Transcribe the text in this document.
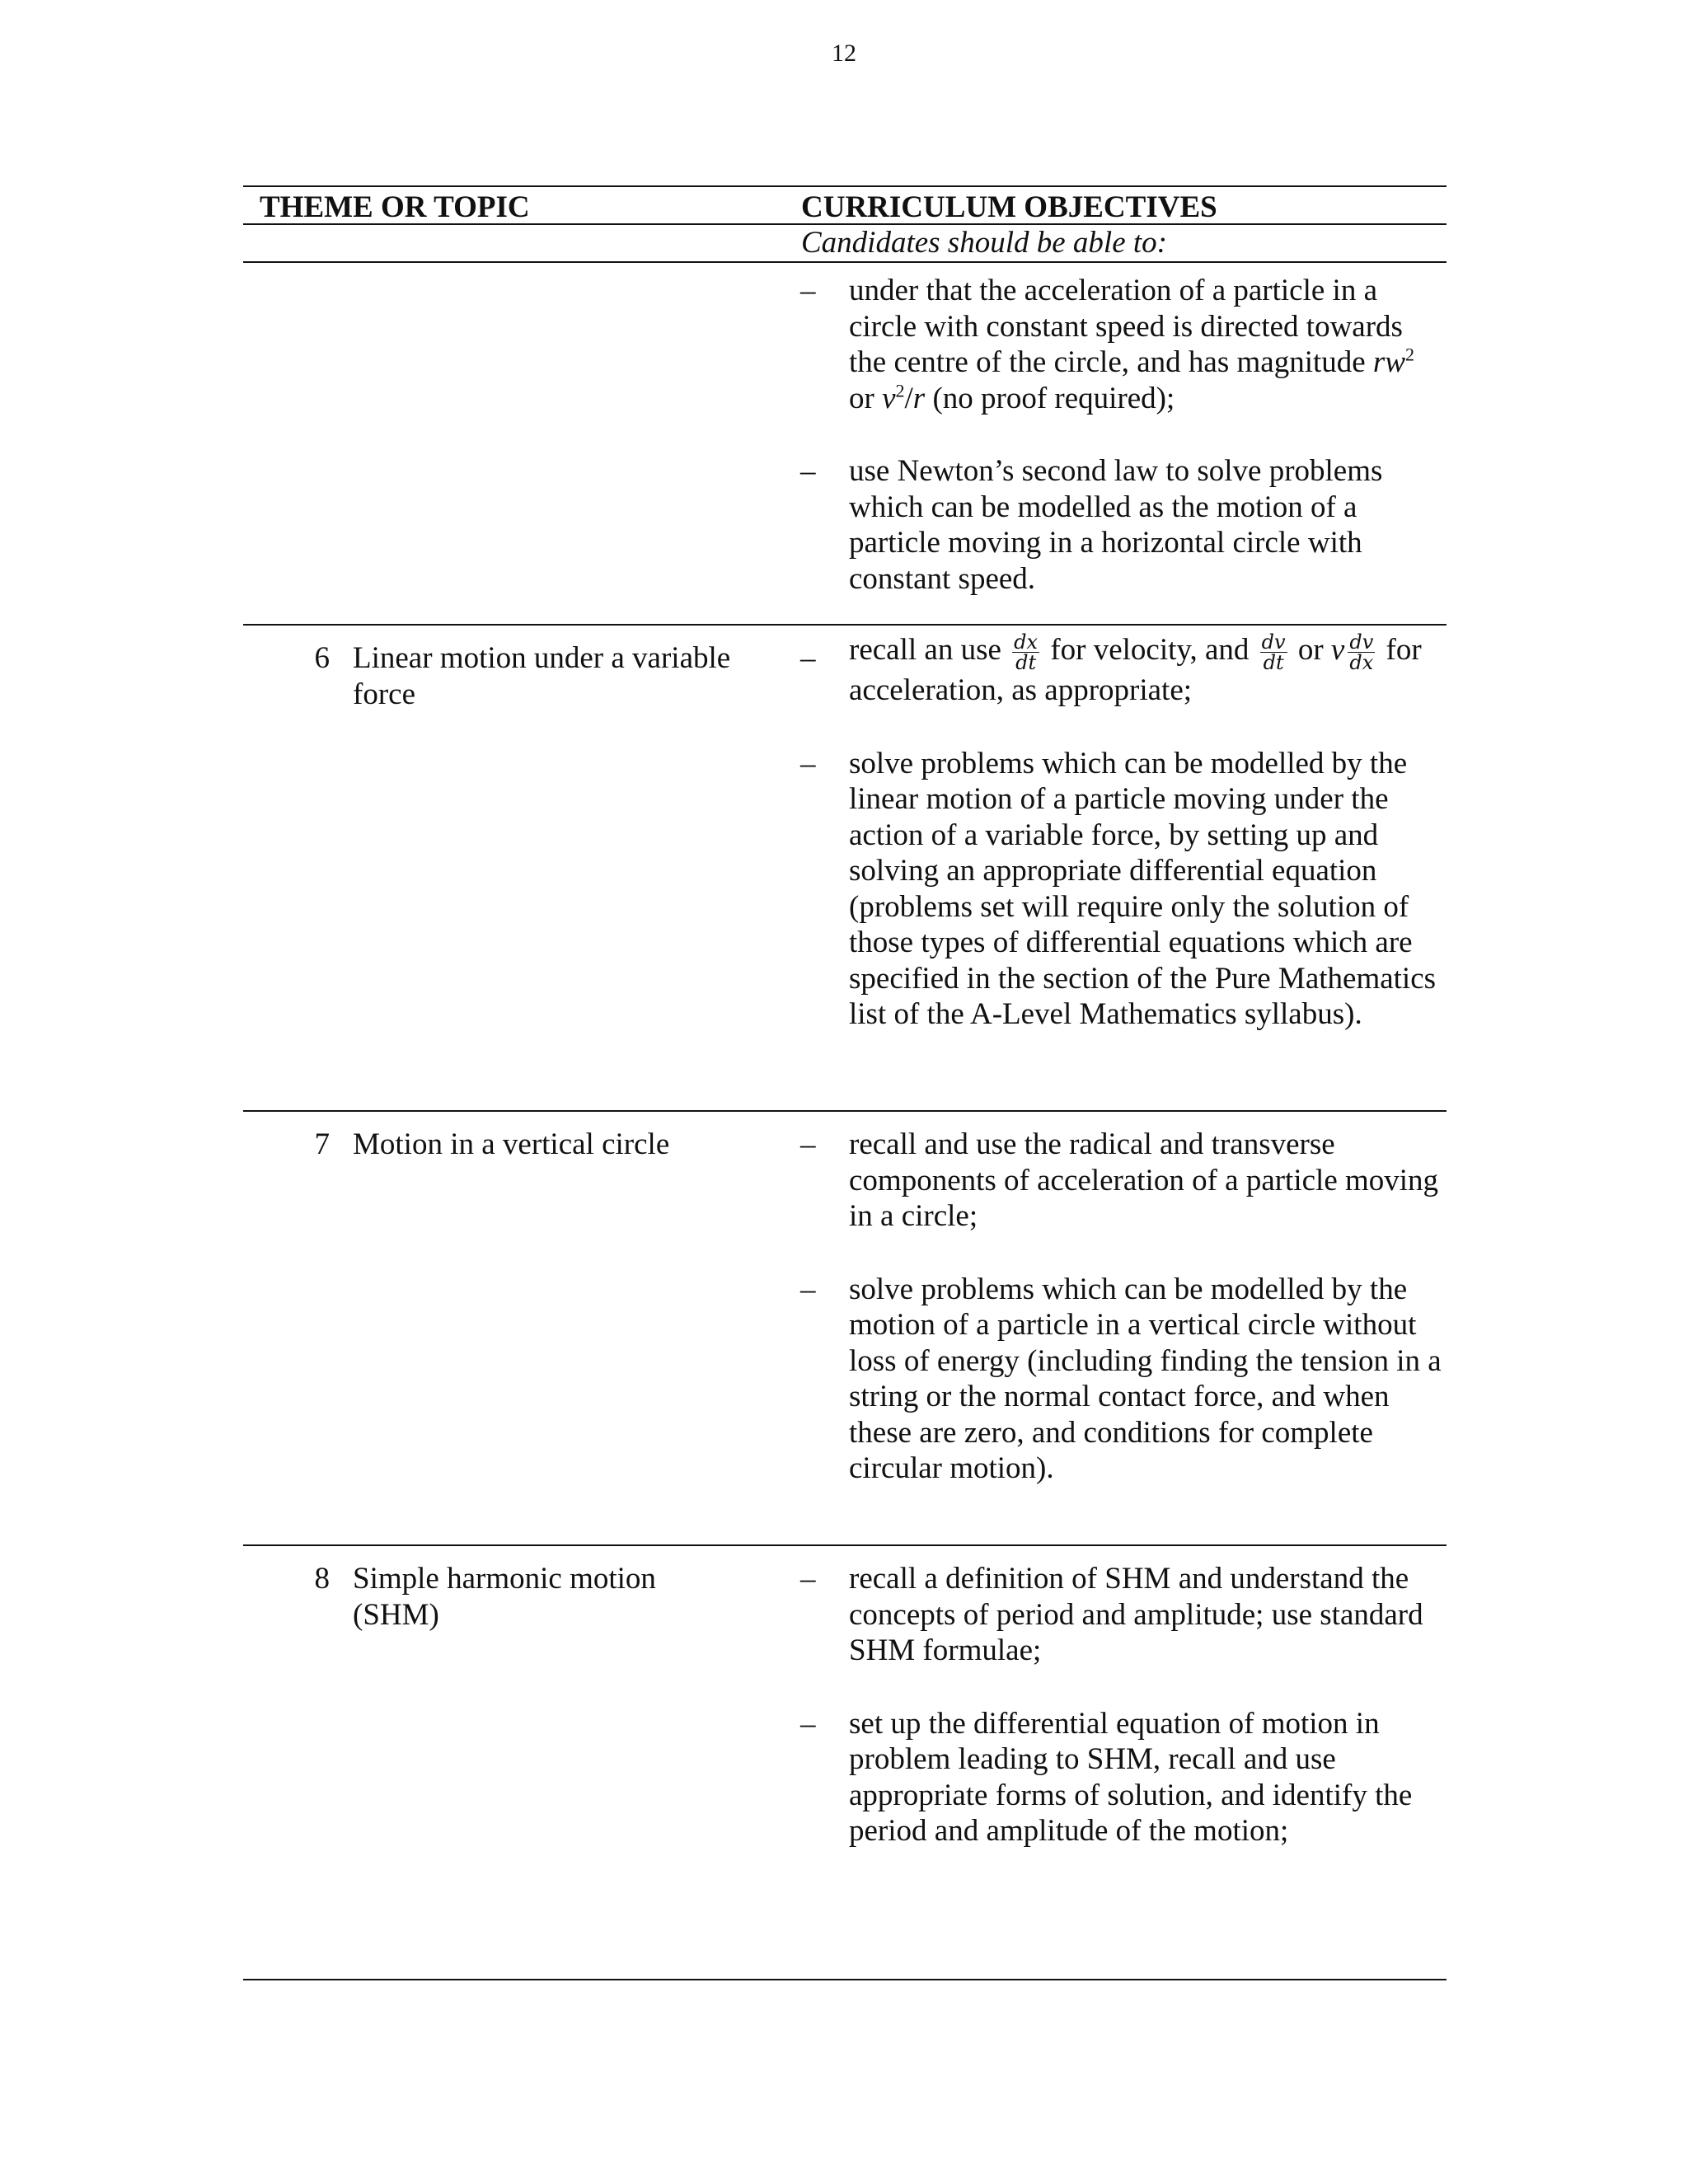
12
THEME OR TOPIC	CURRICULUM OBJECTIVES
Candidates should be able to:
– under that the acceleration of a particle in a circle with constant speed is directed towards the centre of the circle, and has magnitude $rw^2$ or $v^2/r$ (no proof required);
– use Newton’s second law to solve problems which can be modelled as the motion of a particle moving in a horizontal circle with constant speed.
6 Linear motion under a variable force
– recall an use $\frac{dx}{dt}$ for velocity, and $\frac{dv}{dt}$ or v $\frac{dv}{dx}$ for acceleration, as appropriate;
– solve problems which can be modelled by the linear motion of a particle moving under the action of a variable force, by setting up and solving an appropriate differential equation (problems set will require only the solution of those types of differential equations which are specified in the section of the Pure Mathematics list of the A-Level Mathematics syllabus).
7 Motion in a vertical circle	– recall and use the radical and transverse components of acceleration of a particle moving in a circle;
– solve problems which can be modelled by the motion of a particle in a vertical circle without loss of energy (including finding the tension in a string or the normal contact force, and when these are zero, and conditions for complete circular motion).
8 Simple harmonic motion (SHM)
– recall a definition of SHM and understand the concepts of period and amplitude; use standard SHM formulae;
– set up the differential equation of motion in problem leading to SHM, recall and use appropriate forms of solution, and identify the period and amplitude of the motion;
